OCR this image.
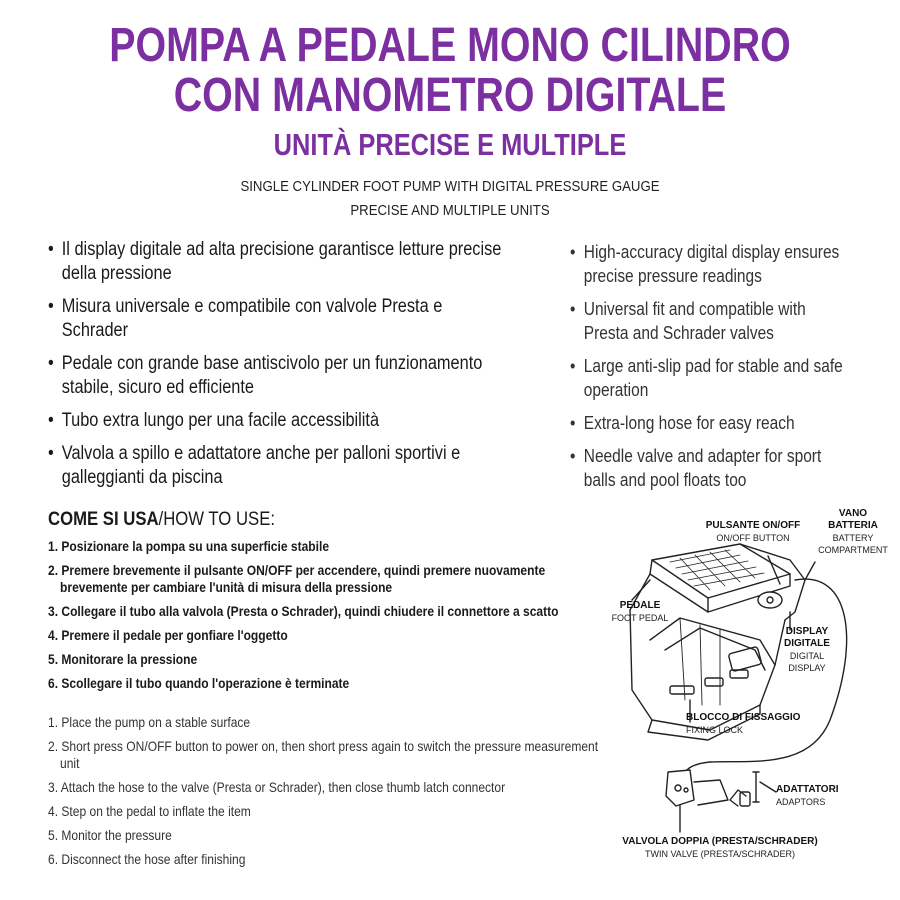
POMPA A PEDALE MONO CILINDRO
CON MANOMETRO DIGITALE
UNITÀ PRECISE E MULTIPLE
SINGLE CYLINDER FOOT PUMP WITH DIGITAL PRESSURE GAUGE
PRECISE AND MULTIPLE UNITS
• Il display digitale ad alta precisione garantisce letture precise della pressione
• Misura universale e compatibile con valvole Presta e Schrader
• Pedale con grande base antiscivolo per un funzionamento stabile, sicuro ed efficiente
• Tubo extra lungo per una facile accessibilità
• Valvola a spillo e adattatore anche per palloni sportivi e galleggianti da piscina
• High-accuracy digital display ensures precise pressure readings
• Universal fit and compatible with Presta and Schrader valves
• Large anti-slip pad for stable and safe operation
• Extra-long hose for easy reach
• Needle valve and adapter for sport balls and pool floats too
COME SI USA/HOW TO USE:
1. Posizionare la pompa su una superficie stabile
2. Premere brevemente il pulsante ON/OFF per accendere, quindi premere nuovamente brevemente per cambiare l'unità di misura della pressione
3. Collegare il tubo alla valvola (Presta o Schrader), quindi chiudere il connettore a scatto
4. Premere il pedale per gonfiare l'oggetto
5. Monitorare la pressione
6. Scollegare il tubo quando l'operazione è terminate
1. Place the pump on a stable surface
2. Short press ON/OFF button to power on, then short press again to switch the pressure measurement unit
3. Attach the hose to the valve (Presta or Schrader), then close thumb latch connector
4. Step on the pedal to inflate the item
5. Monitor the pressure
6. Disconnect the hose after finishing
PULSANTE ON/OFF
ON/OFF BUTTON
VANO
BATTERIA
BATTERY
COMPARTMENT
PEDALE
FOOT PEDAL
DISPLAY
DIGITALE
DIGITAL
DISPLAY
BLOCCO DI FISSAGGIO
FIXING LOCK
ADATTATORI
ADAPTORS
VALVOLA DOPPIA (PRESTA/SCHRADER)
TWIN VALVE (PRESTA/SCHRADER)
